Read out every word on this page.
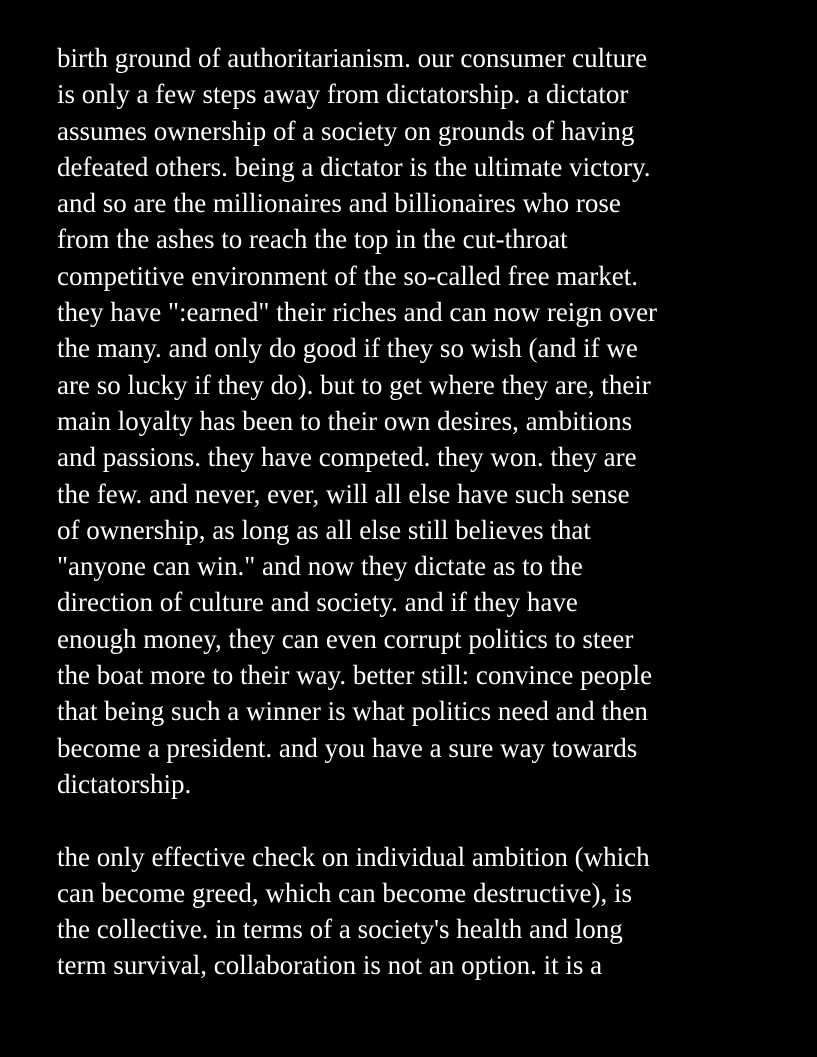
birth ground of authoritarianism. our consumer culture
is only a few steps away from dictatorship. a dictator
assumes ownership of a society on grounds of having
defeated others. being a dictator is the ultimate victory.
and so are the millionaires and billionaires who rose
from the ashes to reach the top in the cut-throat
competitive environment of the so-called free market.
they have ":earned" their riches and can now reign over
the many. and only do good if they so wish (and if we
are so lucky if they do). but to get where they are, their
main loyalty has been to their own desires, ambitions
and passions. they have competed. they won. they are
the few. and never, ever, will all else have such sense
of ownership, as long as all else still believes that
"anyone can win." and now they dictate as to the
direction of culture and society. and if they have
enough money, they can even corrupt politics to steer
the boat more to their way. better still: convince people
that being such a winner is what politics need and then
become a president. and you have a sure way towards
dictatorship.
the only effective check on individual ambition (which
can become greed, which can become destructive), is
the collective. in terms of a society's health and long
term survival, collaboration is not an option. it is a
